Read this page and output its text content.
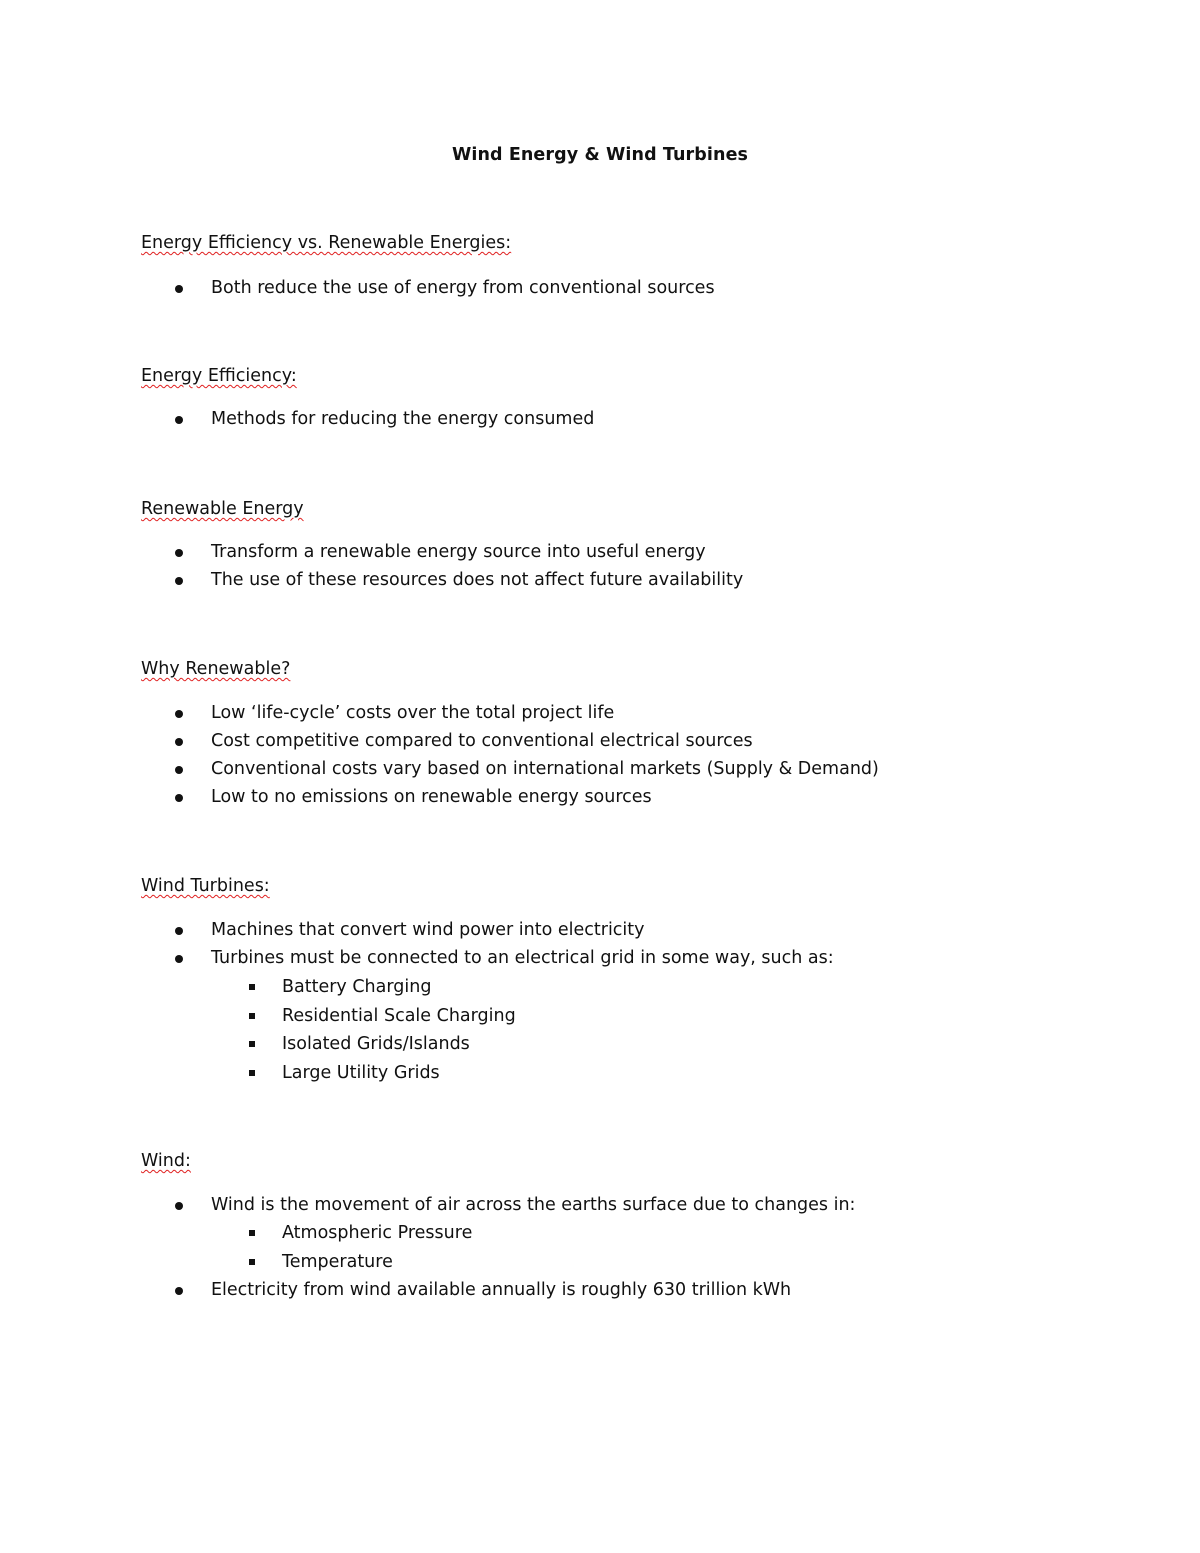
Wind Energy & Wind Turbines
Energy Efficiency vs. Renewable Energies:
Both reduce the use of energy from conventional sources
Energy Efficiency:
Methods for reducing the energy consumed
Renewable Energy
Transform a renewable energy source into useful energy
The use of these resources does not affect future availability
Why Renewable?
Low ‘life-cycle’ costs over the total project life
Cost competitive compared to conventional electrical sources
Conventional costs vary based on international markets (Supply & Demand)
Low to no emissions on renewable energy sources
Wind Turbines:
Machines that convert wind power into electricity
Turbines must be connected to an electrical grid in some way, such as:
Battery Charging
Residential Scale Charging
Isolated Grids/Islands
Large Utility Grids
Wind:
Wind is the movement of air across the earths surface due to changes in:
Atmospheric Pressure
Temperature
Electricity from wind available annually is roughly 630 trillion kWh
